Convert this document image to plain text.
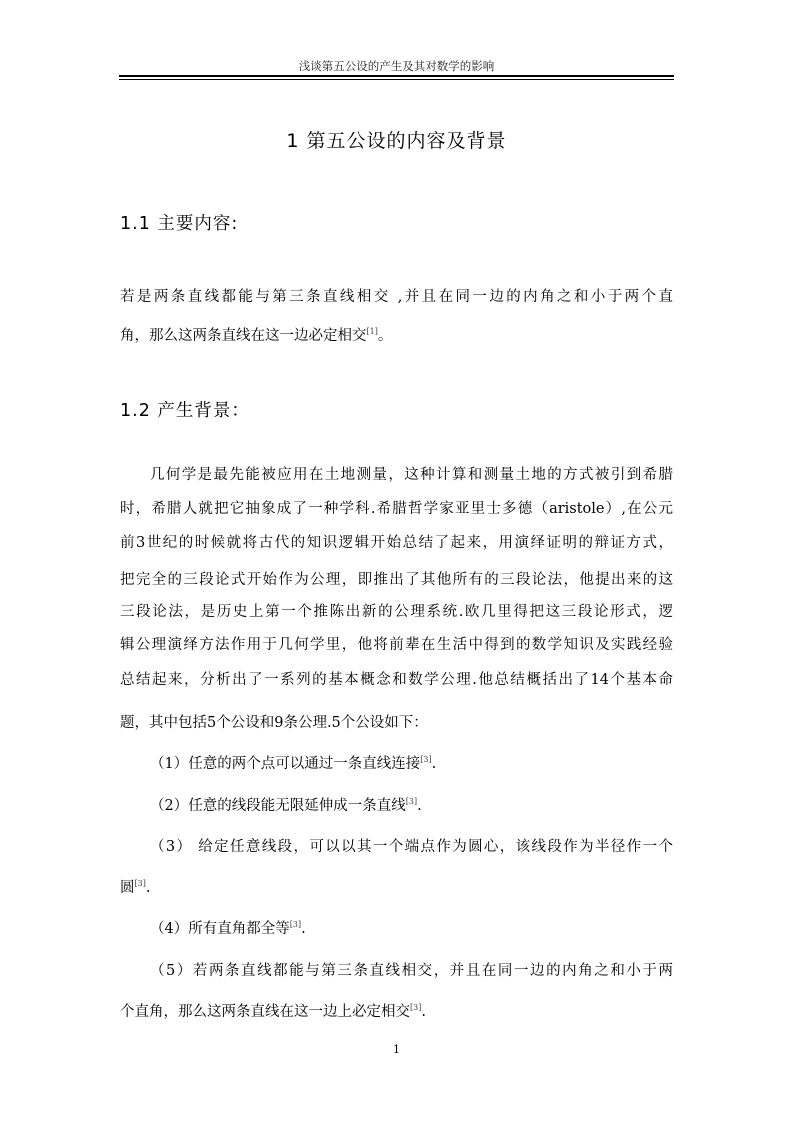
浅谈第五公设的产生及其对数学的影响
1 第五公设的内容及背景
1.1 主要内容:
若是两条直线都能与第三条直线相交 ,并且在同一边的内角之和小于两个直
角，那么这两条直线在这一边必定相交[1]。
1.2 产生背景：
几何学是最先能被应用在土地测量，这种计算和测量土地的方式被引到希腊
时，希腊人就把它抽象成了一种学科.希腊哲学家亚里士多德（aristole）,在公元
前3世纪的时候就将古代的知识逻辑开始总结了起来，用演绎证明的辩证方式，
把完全的三段论式开始作为公理，即推出了其他所有的三段论法，他提出来的这
三段论法，是历史上第一个推陈出新的公理系统.欧几里得把这三段论形式，逻
辑公理演绎方法作用于几何学里，他将前辈在生活中得到的数学知识及实践经验
总结起来，分析出了一系列的基本概念和数学公理.他总结概括出了14个基本命
题，其中包括5个公设和9条公理.5个公设如下：
（1）任意的两个点可以通过一条直线连接[3].
（2）任意的线段能无限延伸成一条直线[3].
（3） 给定任意线段，可以以其一个端点作为圆心，该线段作为半径作一个
圆[3].
（4）所有直角都全等[3].
（5）若两条直线都能与第三条直线相交，并且在同一边的内角之和小于两
个直角，那么这两条直线在这一边上必定相交[3].
1
